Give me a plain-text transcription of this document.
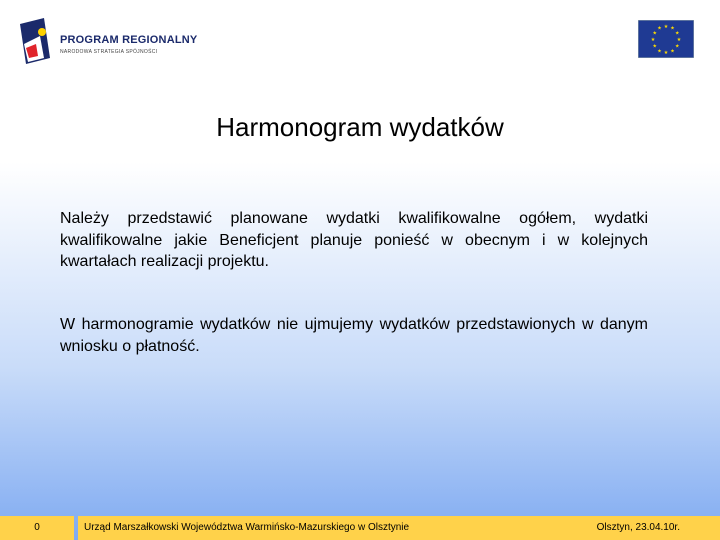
PROGRAM REGIONALNY
NARODOWA STRATEGIA SPÓJNOŚCI
★ ★
★
★
★
★
★
★
★
★
★
★
Harmonogram wydatków
Należy przedstawić planowane wydatki kwalifikowalne ogółem, wydatki kwalifikowalne jakie Beneficjent planuje ponieść w obecnym i w kolejnych kwartałach realizacji projektu.
W harmonogramie wydatków nie ujmujemy wydatków przedstawionych w danym wniosku o płatność.
0	Urząd Marszałkowski Województwa Warmińsko-Mazurskiego w Olsztynie	Olsztyn, 23.04.10r.
